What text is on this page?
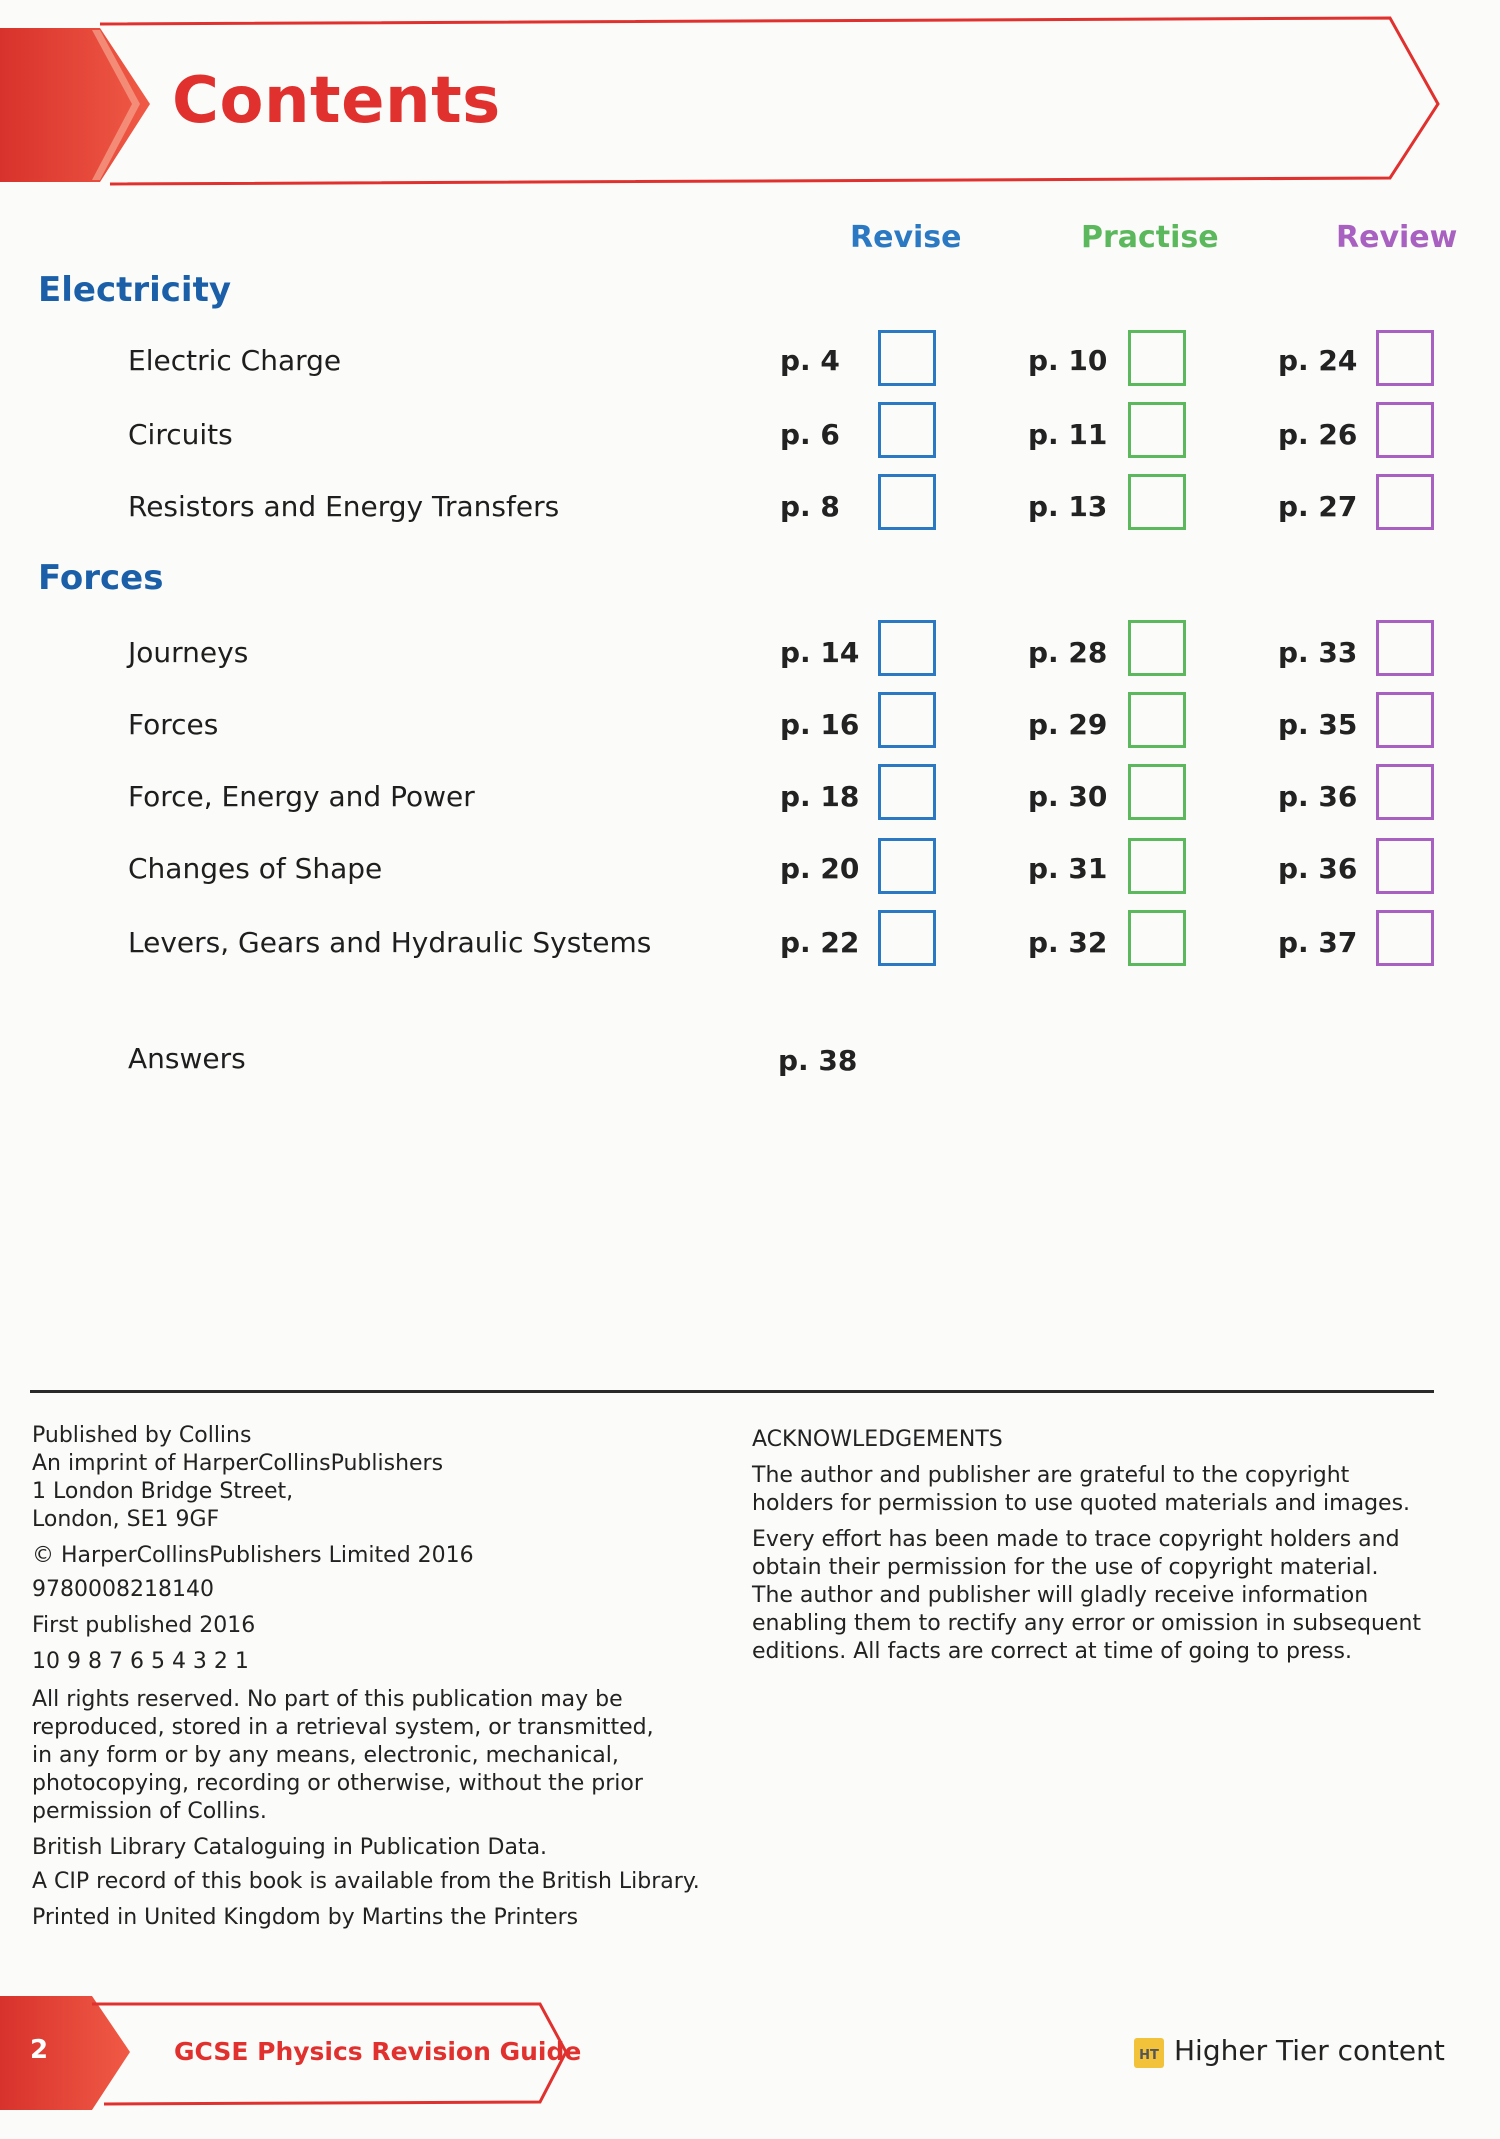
Contents
Revise	Practise	Review
Electricity
Electric Charge	p. 4	p. 10	p. 24
Circuits	p. 6	p. 11	p. 26
Resistors and Energy Transfers	p. 8	p. 13	p. 27
Forces
Journeys	p. 14	p. 28	p. 33
Forces	p. 16	p. 29	p. 35
Force, Energy and Power	p. 18	p. 30	p. 36
Changes of Shape	p. 20	p. 31	p. 36
Levers, Gears and Hydraulic Systems	p. 22	p. 32	p. 37
Answers	p. 38
Published by Collins
An imprint of HarperCollinsPublishers
1 London Bridge Street,
London, SE1 9GF
© HarperCollinsPublishers Limited 2016
9780008218140
First published 2016
10 9 8 7 6 5 4 3 2 1
All rights reserved. No part of this publication may be
reproduced, stored in a retrieval system, or transmitted,
in any form or by any means, electronic, mechanical,
photocopying, recording or otherwise, without the prior
permission of Collins.
British Library Cataloguing in Publication Data.
A CIP record of this book is available from the British Library.
Printed in United Kingdom by Martins the Printers
ACKNOWLEDGEMENTS
The author and publisher are grateful to the copyright
holders for permission to use quoted materials and images.
Every effort has been made to trace copyright holders and
obtain their permission for the use of copyright material.
The author and publisher will gladly receive information
enabling them to rectify any error or omission in subsequent
editions. All facts are correct at time of going to press.
2	GCSE Physics Revision Guide	HT Higher Tier content
